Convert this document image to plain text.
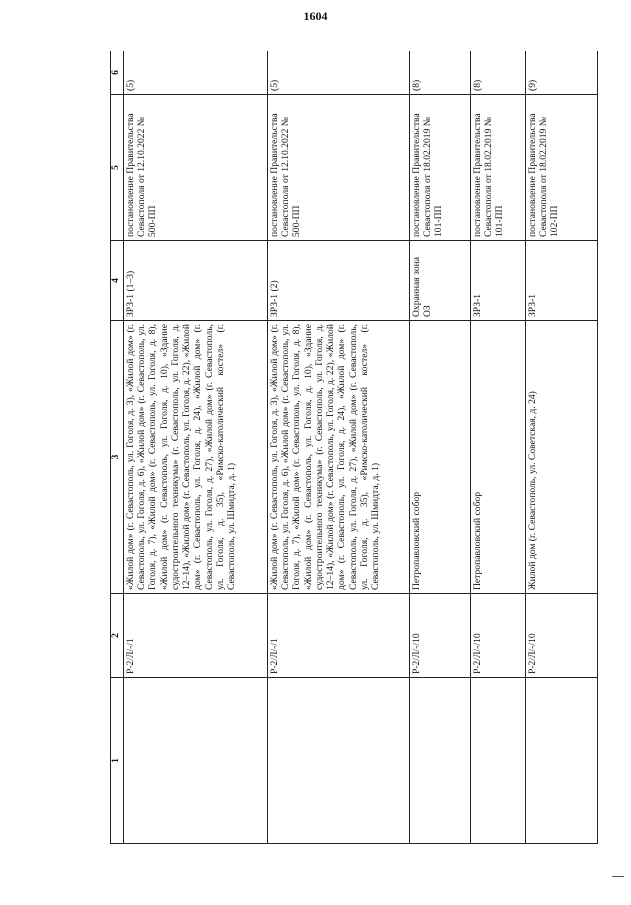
1604
1	2	3	4	5	6
	Р-2/Л/-/1	«Жилой дом» (г. Севастополь, ул. Гоголя, д. 3), «Жилой дом» (г. Севастополь, ул. Гоголя, д. 6), «Жилой дом» (г. Севастополь, ул. Гоголя, д. 7), «Жилой дом» (г. Севастополь, ул. Гоголя, д. 8), «Жилой дом» (г. Севастополь, ул. Гоголя, д. 10), «Здание судостроительного техникума» (г. Севастополь, ул. Гоголя, д. 12–14), «Жилой дом» (г. Севастополь, ул. Гоголя, д. 22), «Жилой дом» (г. Севастополь, ул. Гоголя, д. 24), «Жилой дом» (г. Севастополь, ул. Гоголя, д. 27), «Жилой дом» (г. Севастополь, ул. Гоголя, д. 35), «Римско-католический костел» (г. Севастополь, ул. Шмидта, д. 1)	ЗРЗ-1 (1–3)	постановление Правительства Севастополя от 12.10.2022 № 500-ПП	(5)
	Р-2/Л/-/1	«Жилой дом» (г. Севастополь, ул. Гоголя, д. 3), «Жилой дом» (г. Севастополь, ул. Гоголя, д. 6), «Жилой дом» (г. Севастополь, ул. Гоголя, д. 7), «Жилой дом» (г. Севастополь, ул. Гоголя, д. 8), «Жилой дом» (г. Севастополь, ул. Гоголя, д. 10), «Здание судостроительного техникума» (г. Севастополь, ул. Гоголя, д. 12–14), «Жилой дом» (г. Севастополь, ул. Гоголя, д. 22), «Жилой дом» (г. Севастополь, ул. Гоголя, д. 24), «Жилой дом» (г. Севастополь, ул. Гоголя, д. 27), «Жилой дом» (г. Севастополь, ул. Гоголя, д. 35), «Римско-католический костел» (г. Севастополь, ул. Шмидта, д. 1)	ЗРЗ-1 (2)	постановление Правительства Севастополя от 12.10.2022 № 500-ПП	(5)
	Р-2/Л/-/10	Петропавловский собор	Охранная зона ОЗ	постановление Правительства Севастополя от 18.02.2019 № 101-ПП	(8)
	Р-2/Л/-/10	Петропавловский собор	ЗРЗ-1	постановление Правительства Севастополя от 18.02.2019 № 101-ПП	(8)
	Р-2/Л/-/10	Жилой дом (г. Севастополь, ул. Советская, д. 24)	ЗРЗ-1	постановление Правительства Севастополя от 18.02.2019 № 102-ПП	(9)
